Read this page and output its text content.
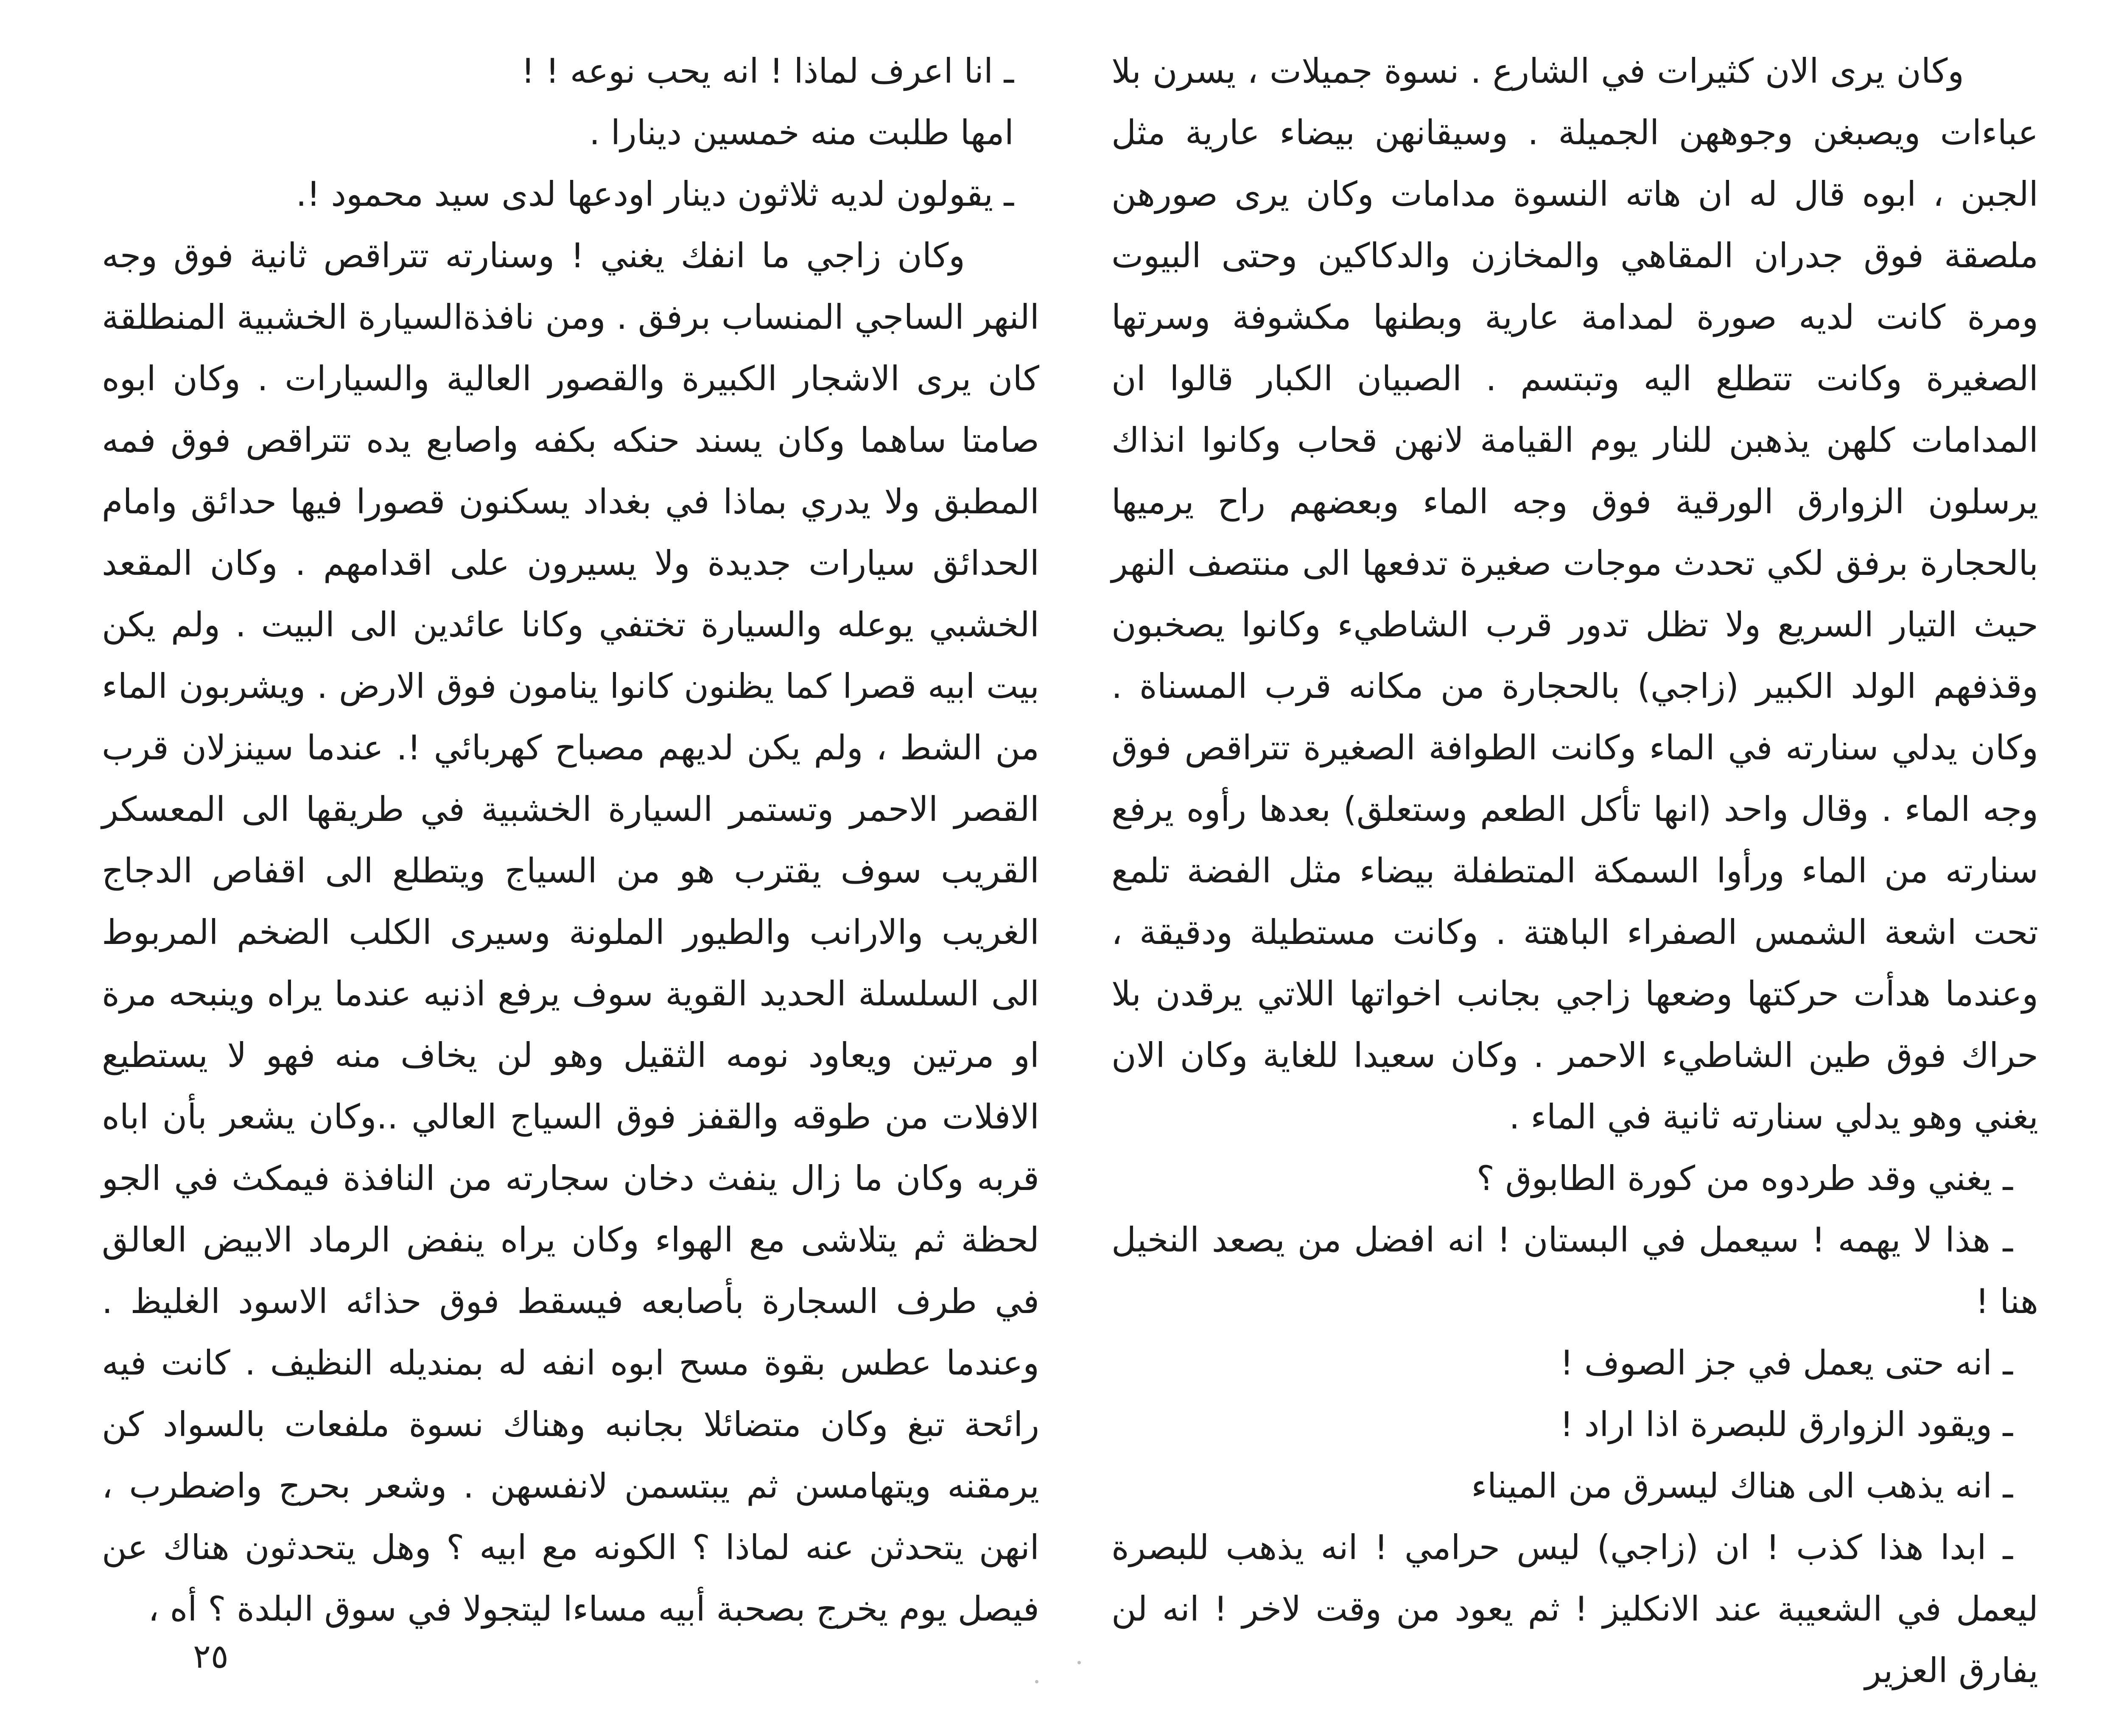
وكان يرى الان كثيرات في الشارع . نسوة جميلات ، يسرن بلا عباءات ويصبغن وجوههن الجميلة . وسيقانهن بيضاء عارية مثل الجبن ، ابوه قال له ان هاته النسوة مدامات وكان يرى صورهن ملصقة فوق جدران المقاهي والمخازن والدكاكين وحتى البيوت ومرة كانت لديه صورة لمدامة عارية وبطنها مكشوفة وسرتها الصغيرة وكانت تتطلع اليه وتبتسم . الصبيان الكبار قالوا ان المدامات كلهن يذهبن للنار يوم القيامة لانهن قحاب وكانوا انذاك يرسلون الزوارق الورقية فوق وجه الماء وبعضهم راح يرميها بالحجارة برفق لكي تحدث موجات صغيرة تدفعها الى منتصف النهر حيث التيار السريع ولا تظل تدور قرب الشاطيء وكانوا يصخبون وقذفهم الولد الكبير (زاجي) بالحجارة من مكانه قرب المسناة . وكان يدلي سنارته في الماء وكانت الطوافة الصغيرة تتراقص فوق وجه الماء . وقال واحد (انها تأكل الطعم وستعلق) بعدها رأوه يرفع سنارته من الماء ورأوا السمكة المتطفلة بيضاء مثل الفضة تلمع تحت اشعة الشمس الصفراء الباهتة . وكانت مستطيلة ودقيقة ، وعندما هدأت حركتها وضعها زاجي بجانب اخواتها اللاتي يرقدن بلا حراك فوق طين الشاطيء الاحمر . وكان سعيدا للغاية وكان الان يغني وهو يدلي سنارته ثانية في الماء .

ـ يغني وقد طردوه من كورة الطابوق ؟

ـ هذا لا يهمه ! سيعمل في البستان ! انه افضل من يصعد النخيل هنا !

ـ انه حتى يعمل في جز الصوف !

ـ ويقود الزوارق للبصرة اذا اراد !

ـ انه يذهب الى هناك ليسرق من الميناء

ـ ابدا هذا كذب ! ان (زاجي) ليس حرامي ! انه يذهب للبصرة ليعمل في الشعيبة عند الانكليز ! ثم يعود من وقت لاخر ! انه لن يفارق العزير

ـ انا اعرف لماذا ! انه يحب نوعه ! !

امها طلبت منه خمسين دينارا .

ـ يقولون لديه ثلاثون دينار اودعها لدى سيد محمود !.

وكان زاجي ما انفك يغني ! وسنارته تتراقص ثانية فوق وجه النهر الساجي المنساب برفق . ومن نافذةالسيارة الخشبية المنطلقة كان يرى الاشجار الكبيرة والقصور العالية والسيارات . وكان ابوه صامتا ساهما وكان يسند حنكه بكفه واصابع يده تتراقص فوق فمه المطبق ولا يدري بماذا في بغداد يسكنون قصورا فيها حدائق وامام الحدائق سيارات جديدة ولا يسيرون على اقدامهم . وكان المقعد الخشبي يوعله والسيارة تختفي وكانا عائدين الى البيت . ولم يكن بيت ابيه قصرا كما يظنون كانوا ينامون فوق الارض . ويشربون الماء من الشط ، ولم يكن لديهم مصباح كهربائي !. عندما سينزلان قرب القصر الاحمر وتستمر السيارة الخشبية في طريقها الى المعسكر القريب سوف يقترب هو من السياج ويتطلع الى اقفاص الدجاج الغريب والارانب والطيور الملونة وسيرى الكلب الضخم المربوط الى السلسلة الحديد القوية سوف يرفع اذنيه عندما يراه وينبحه مرة او مرتين ويعاود نومه الثقيل وهو لن يخاف منه فهو لا يستطيع الافلات من طوقه والقفز فوق السياج العالي ..وكان يشعر بأن اباه قربه وكان ما زال ينفث دخان سجارته من النافذة فيمكث في الجو لحظة ثم يتلاشى مع الهواء وكان يراه ينفض الرماد الابيض العالق في طرف السجارة بأصابعه فيسقط فوق حذائه الاسود الغليظ . وعندما عطس بقوة مسح ابوه انفه له بمنديله النظيف . كانت فيه رائحة تبغ وكان متضائلا بجانبه وهناك نسوة ملفعات بالسواد كن يرمقنه ويتهامسن ثم يبتسمن لانفسهن . وشعر بحرج واضطرب ، انهن يتحدثن عنه لماذا ؟ الكونه مع ابيه ؟ وهل يتحدثون هناك عن فيصل يوم يخرج بصحبة أبيه مساءا ليتجولا في سوق البلدة ؟ أه ،

٢٥
